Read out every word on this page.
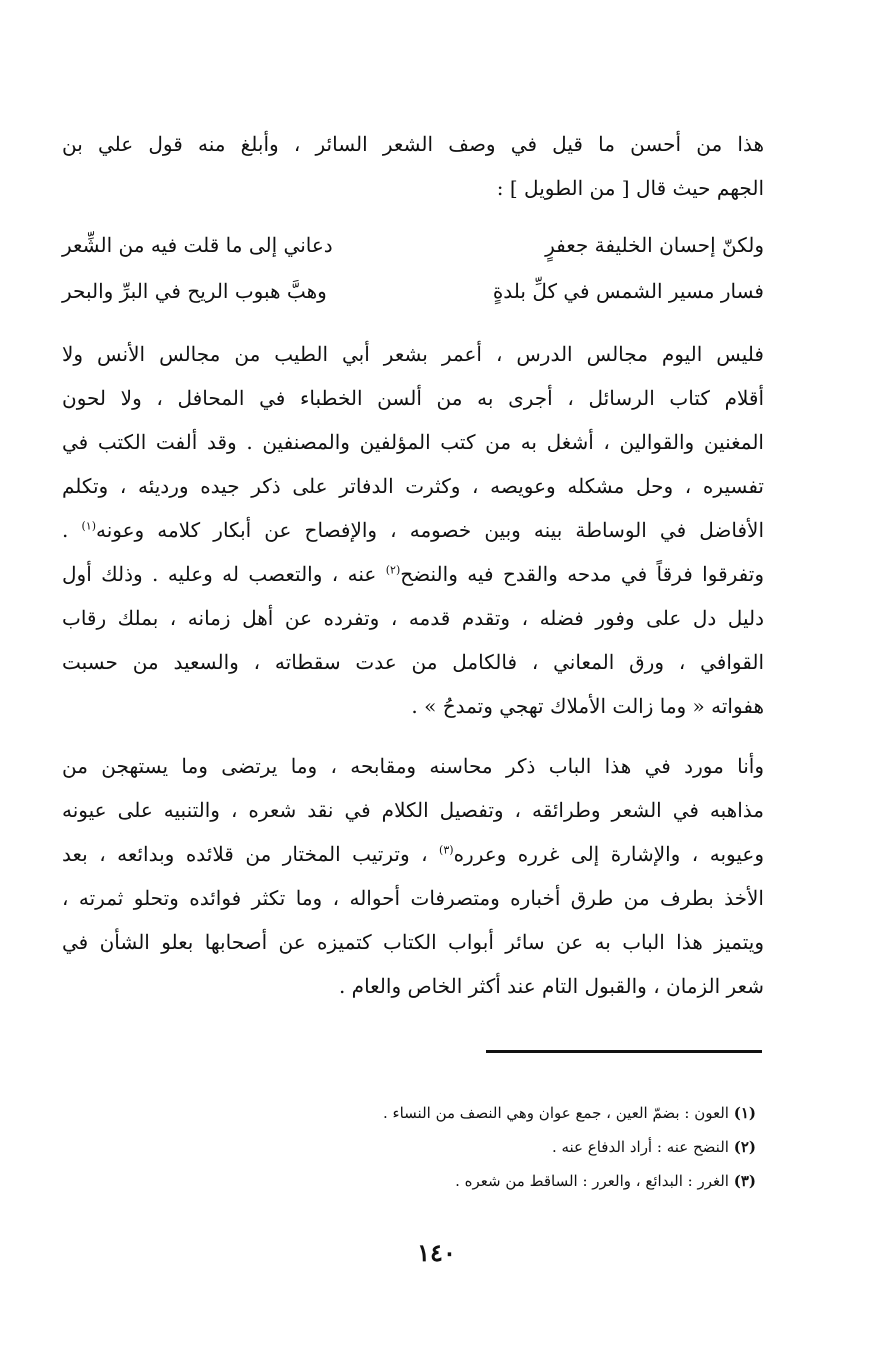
هذا من أحسن ما قيل في وصف الشعر السائر ، وأبلغ منه قول علي بن
الجهم حيث قال [ من الطويل ] :
ولكنّ إحسان الخليفة جعفرٍ
دعاني إلى ما قلت فيه من الشِّعر
فسار مسير الشمس في كلِّ بلدةٍ
وهبَّ هبوب الريح في البرِّ والبحر
فليس اليوم مجالس الدرس ، أعمر بشعر أبي الطيب من مجالس الأنس ولا
أقلام كتاب الرسائل ، أجرى به من ألسن الخطباء في المحافل ، ولا لحون
المغنين والقوالين ، أشغل به من كتب المؤلفين والمصنفين . وقد ألفت الكتب في
تفسيره ، وحل مشكله وعويصه ، وكثرت الدفاتر على ذكر جيده ورديئه ، وتكلم
الأفاضل في الوساطة بينه وبين خصومه ، والإفصاح عن أبكار كلامه وعونه$^{(١)}$ .
وتفرقوا فرقاً في مدحه والقدح فيه والنضح$^{(٢)}$ عنه ، والتعصب له وعليه . وذلك أول
دليل دل على وفور فضله ، وتقدم قدمه ، وتفرده عن أهل زمانه ، بملك رقاب
القوافي ، ورق المعاني ، فالكامل من عدت سقطاته ، والسعيد من حسبت
هفواته « وما زالت الأملاك تهجي وتمدحُ » .
وأنا مورد في هذا الباب ذكر محاسنه ومقابحه ، وما يرتضى وما يستهجن من
مذاهبه في الشعر وطرائقه ، وتفصيل الكلام في نقد شعره ، والتنبيه على عيونه
وعيوبه ، والإشارة إلى غرره وعرره$^{(٣)}$ ، وترتيب المختار من قلائده وبدائعه ، بعد
الأخذ بطرف من طرق أخباره ومتصرفات أحواله ، وما تكثر فوائده وتحلو ثمرته ،
ويتميز هذا الباب به عن سائر أبواب الكتاب كتميزه عن أصحابها بعلو الشأن في
شعر الزمان ، والقبول التام عند أكثر الخاص والعام .
(١) العون : بضمّ العين ، جمع عوان وهي النصف من النساء .
(٢) النضح عنه : أراد الدفاع عنه .
(٣) الغرر : البدائع ، والعرر : الساقط من شعره .
١٤٠
